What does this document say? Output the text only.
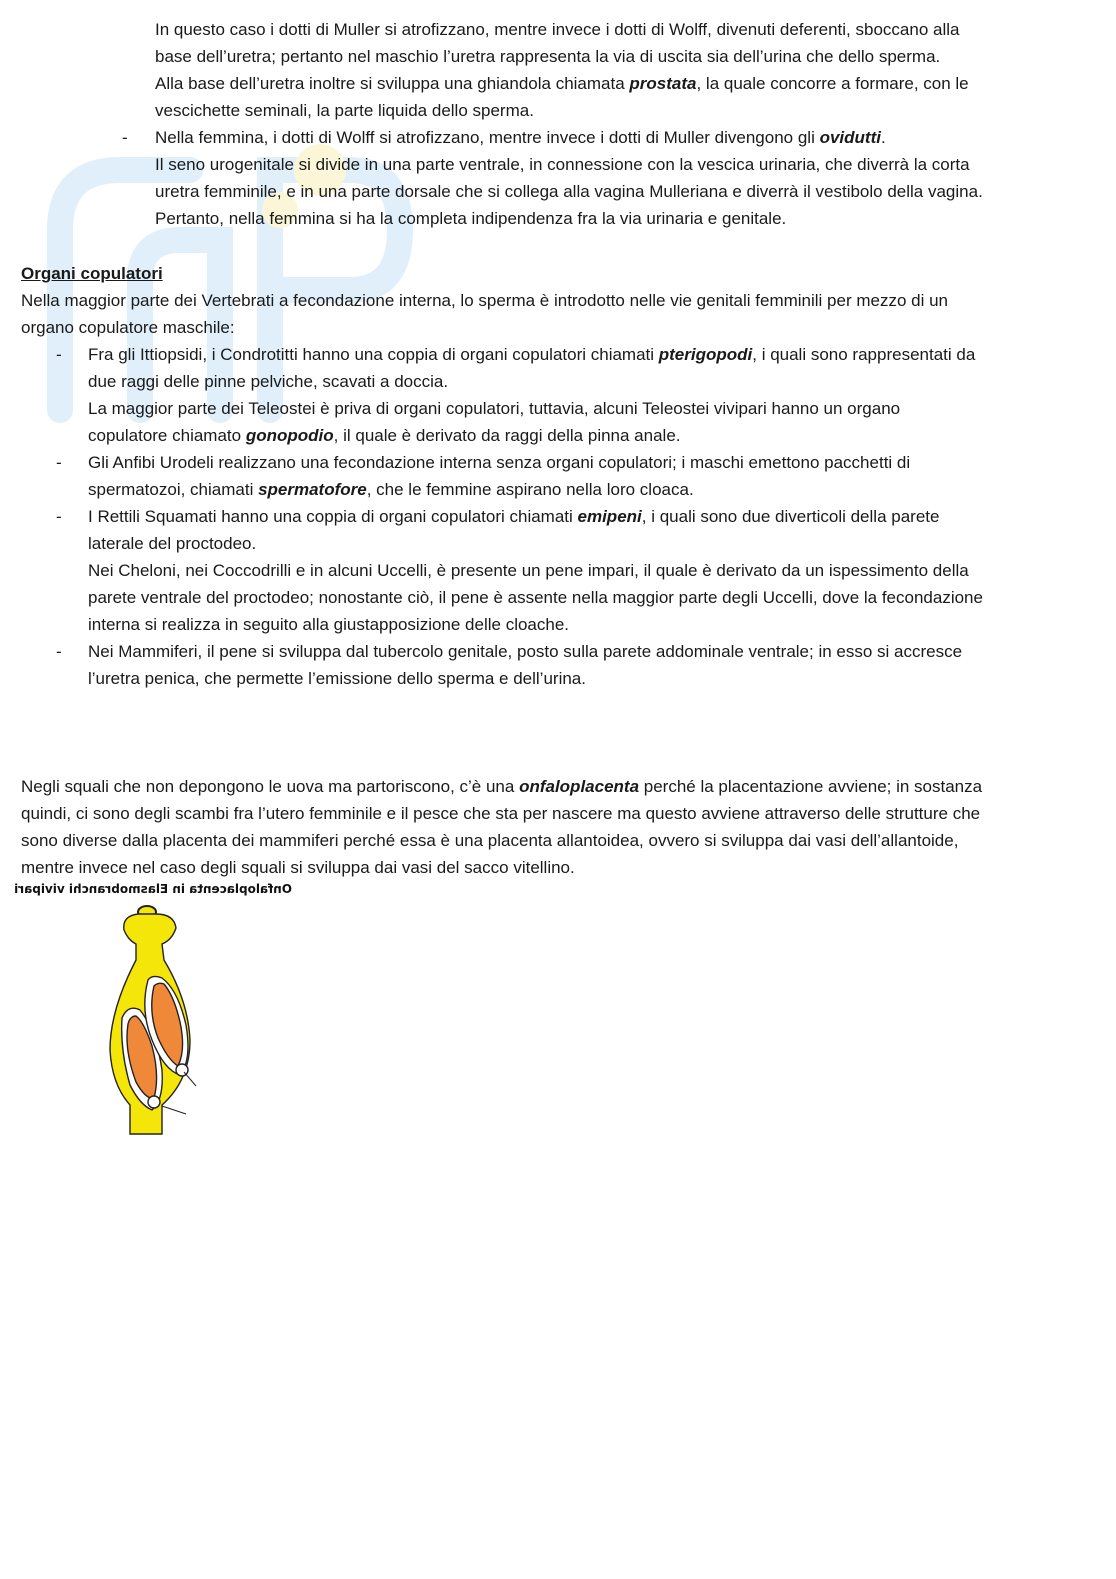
In questo caso i dotti di Muller si atrofizzano, mentre invece i dotti di Wolff, divenuti deferenti, sboccano alla
base dell’uretra; pertanto nel maschio l’uretra rappresenta la via di uscita sia dell’urina che dello sperma.
Alla base dell’uretra inoltre si sviluppa una ghiandola chiamata prostata, la quale concorre a formare, con le
vescichette seminali, la parte liquida dello sperma.
-	Nella femmina, i dotti di Wolff si atrofizzano, mentre invece i dotti di Muller divengono gli ovidutti.
Il seno urogenitale si divide in una parte ventrale, in connessione con la vescica urinaria, che diverrà la corta
uretra femminile, e in una parte dorsale che si collega alla vagina Mulleriana e diverrà il vestibolo della vagina.
Pertanto, nella femmina si ha la completa indipendenza fra la via urinaria e genitale.
Organi copulatori
Nella maggior parte dei Vertebrati a fecondazione interna, lo sperma è introdotto nelle vie genitali femminili per mezzo di un
organo copulatore maschile:
-	Fra gli Ittiopsidi, i Condrotitti hanno una coppia di organi copulatori chiamati pterigopodi, i quali sono rappresentati da
due raggi delle pinne pelviche, scavati a doccia.
La maggior parte dei Teleostei è priva di organi copulatori, tuttavia, alcuni Teleostei vivipari hanno un organo
copulatore chiamato gonopodio, il quale è derivato da raggi della pinna anale.
-	Gli Anfibi Urodeli realizzano una fecondazione interna senza organi copulatori; i maschi emettono pacchetti di
spermatozoi, chiamati spermatofore, che le femmine aspirano nella loro cloaca.
-	I Rettili Squamati hanno una coppia di organi copulatori chiamati emipeni, i quali sono due diverticoli della parete
laterale del proctodeo.
Nei Cheloni, nei Coccodrilli e in alcuni Uccelli, è presente un pene impari, il quale è derivato da un ispessimento della
parete ventrale del proctodeo; nonostante ciò, il pene è assente nella maggior parte degli Uccelli, dove la fecondazione
interna si realizza in seguito alla giustapposizione delle cloache.
-	Nei Mammiferi, il pene si sviluppa dal tubercolo genitale, posto sulla parete addominale ventrale; in esso si accresce
l’uretra penica, che permette l’emissione dello sperma e dell’urina.
Negli squali che non depongono le uova ma partoriscono, c’è una onfaloplacenta perché la placentazione avviene; in sostanza
quindi, ci sono degli scambi fra l’utero femminile e il pesce che sta per nascere ma questo avviene attraverso delle strutture che
sono diverse dalla placenta dei mammiferi perché essa è una placenta allantoidea, ovvero si sviluppa dai vasi dell’allantoide,
mentre invece nel caso degli squali si sviluppa dai vasi del sacco vitellino.
Onfaloplacenta in Elasmobranchi vivipari
